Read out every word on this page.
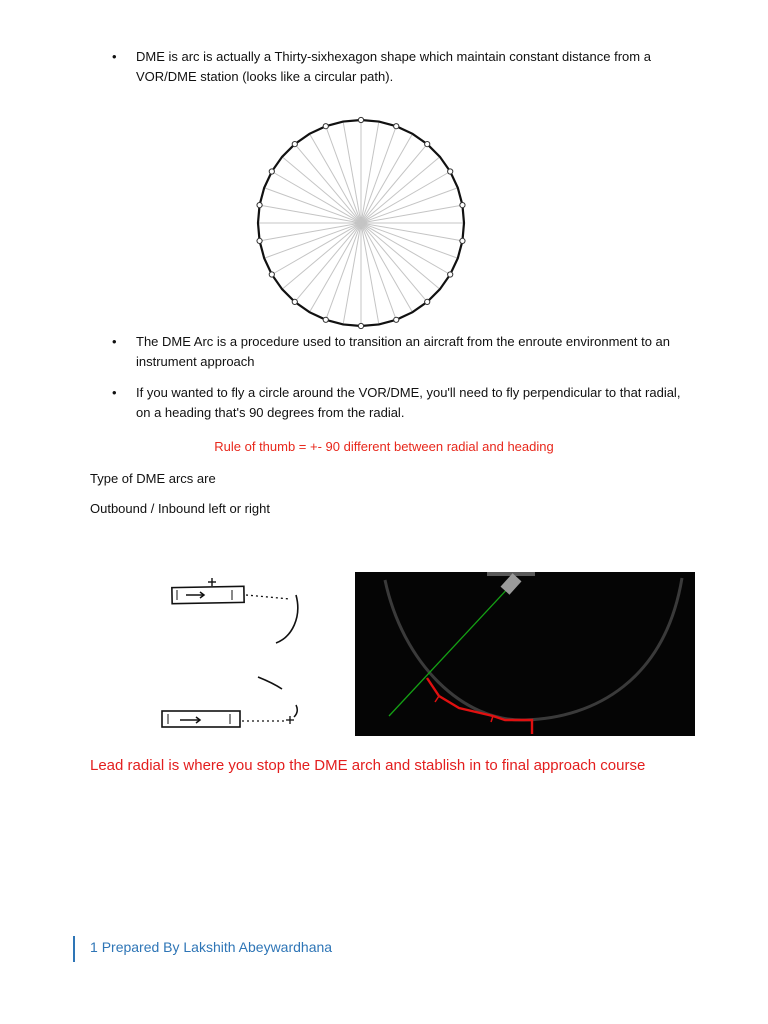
• DME is arc is actually a Thirty-sixhexagon shape which maintain constant distance from a VOR/DME station (looks like a circular path).
• The DME Arc is a procedure used to transition an aircraft from the enroute environment to an instrument approach
• If you wanted to fly a circle around the VOR/DME, you'll need to fly perpendicular to that radial, on a heading that's 90 degrees from the radial.
Rule of thumb = +- 90 different between radial and heading
Type of DME arcs are
Outbound / Inbound left or right
Lead radial is where you stop the DME arch and stablish in to final approach course
1 Prepared By Lakshith Abeywardhana
